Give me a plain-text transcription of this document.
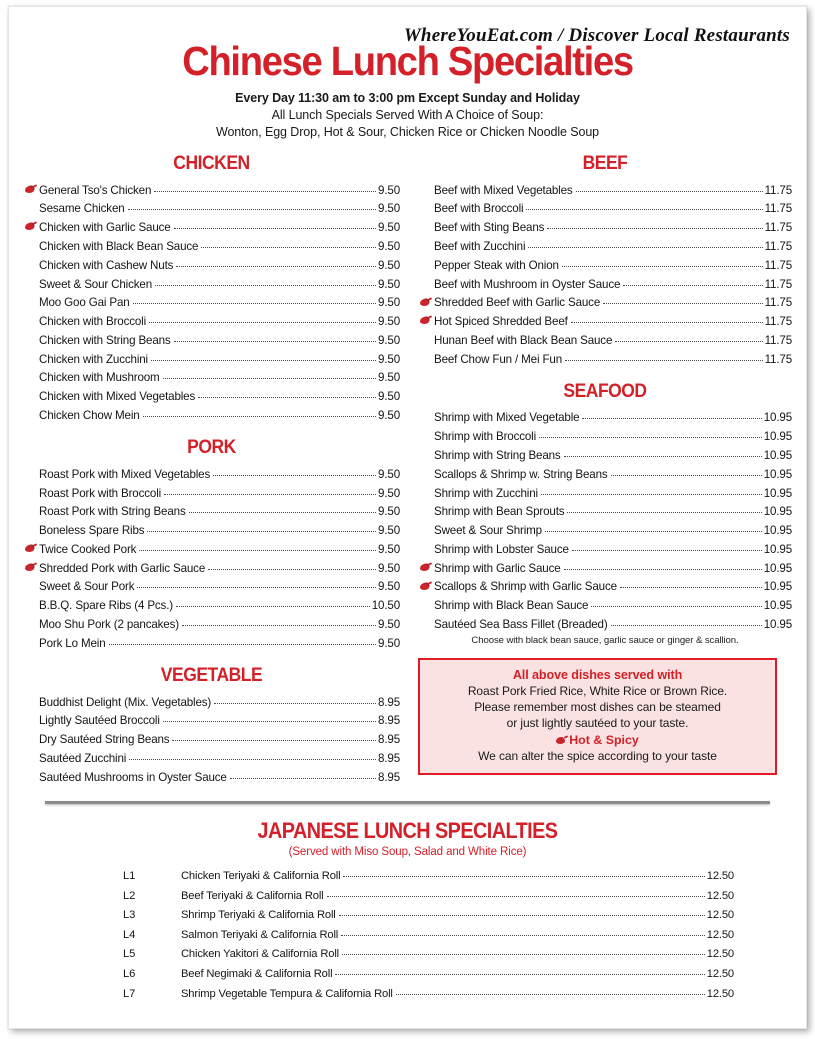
WhereYouEat.com / Discover Local Restaurants
Chinese Lunch Specialties
Every Day 11:30 am to 3:00 pm Except Sunday and Holiday
All Lunch Specials Served With A Choice of Soup:
Wonton, Egg Drop, Hot & Sour, Chicken Rice or Chicken Noodle Soup
CHICKEN
General Tso's Chicken	9.50
Sesame Chicken	9.50
Chicken with Garlic Sauce	9.50
Chicken with Black Bean Sauce	9.50
Chicken with Cashew Nuts	9.50
Sweet & Sour Chicken	9.50
Moo Goo Gai Pan	9.50
Chicken with Broccoli	9.50
Chicken with String Beans	9.50
Chicken with Zucchini	9.50
Chicken with Mushroom	9.50
Chicken with Mixed Vegetables	9.50
Chicken Chow Mein	9.50
PORK
Roast Pork with Mixed Vegetables	9.50
Roast Pork with Broccoli	9.50
Roast Pork with String Beans	9.50
Boneless Spare Ribs	9.50
Twice Cooked Pork	9.50
Shredded Pork with Garlic Sauce	9.50
Sweet & Sour Pork	9.50
B.B.Q. Spare Ribs (4 Pcs.)	10.50
Moo Shu Pork (2 pancakes)	9.50
Pork Lo Mein	9.50
VEGETABLE
Buddhist Delight (Mix. Vegetables)	8.95
Lightly Sautéed Broccoli	8.95
Dry Sautéed String Beans	8.95
Sautéed Zucchini	8.95
Sautéed Mushrooms in Oyster Sauce	8.95
BEEF
Beef with Mixed Vegetables	11.75
Beef with Broccoli	11.75
Beef with Sting Beans	11.75
Beef with Zucchini	11.75
Pepper Steak with Onion	11.75
Beef with Mushroom in Oyster Sauce	11.75
Shredded Beef with Garlic Sauce	11.75
Hot Spiced Shredded Beef	11.75
Hunan Beef with Black Bean Sauce	11.75
Beef Chow Fun / Mei Fun	11.75
SEAFOOD
Shrimp with Mixed Vegetable	10.95
Shrimp with Broccoli	10.95
Shrimp with String Beans	10.95
Scallops & Shrimp w. String Beans	10.95
Shrimp with Zucchini	10.95
Shrimp with Bean Sprouts	10.95
Sweet & Sour Shrimp	10.95
Shrimp with Lobster Sauce	10.95
Shrimp with Garlic Sauce	10.95
Scallops & Shrimp with Garlic Sauce	10.95
Shrimp with Black Bean Sauce	10.95
Sautéed Sea Bass Fillet (Breaded)	10.95
Choose with black bean sauce, garlic sauce or ginger & scallion.
All above dishes served with
Roast Pork Fried Rice, White Rice or Brown Rice.
Please remember most dishes can be steamed
or just lightly sautéed to your taste.
Hot & Spicy
We can alter the spice according to your taste
JAPANESE LUNCH SPECIALTIES
(Served with Miso Soup, Salad and White Rice)
L1	Chicken Teriyaki & California Roll	12.50
L2	Beef Teriyaki & California Roll	12.50
L3	Shrimp Teriyaki & California Roll	12.50
L4	Salmon Teriyaki & California Roll	12.50
L5	Chicken Yakitori & California Roll	12.50
L6	Beef Negimaki & California Roll	12.50
L7	Shrimp Vegetable Tempura & California Roll	12.50
